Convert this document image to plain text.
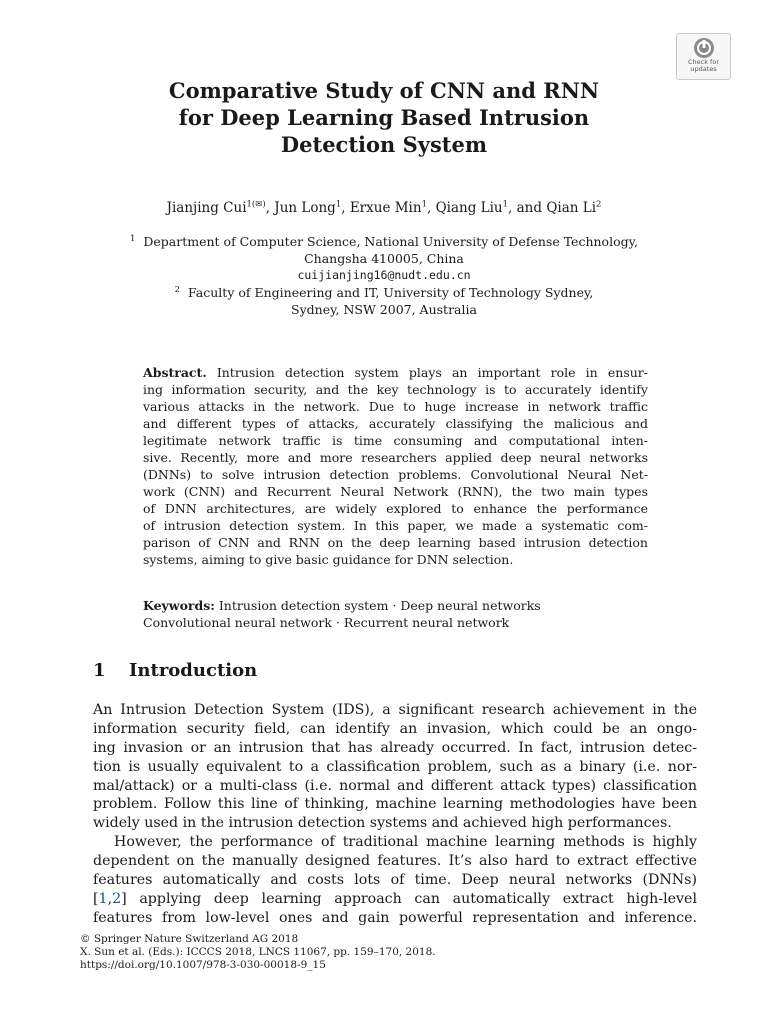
Check for
updates
Comparative Study of CNN and RNN
for Deep Learning Based Intrusion
Detection System
Jianjing Cui$^{1(✉)}$, Jun Long$^1$, Erxue Min$^1$, Qiang Liu$^1$, and Qian Li$^2$
$^1$ Department of Computer Science, National University of Defense Technology,
Changsha 410005, China
cuijianjing16@nudt.edu.cn
$^2$ Faculty of Engineering and IT, University of Technology Sydney,
Sydney, NSW 2007, Australia
Abstract. Intrusion detection system plays an important role in ensur-
ing information security, and the key technology is to accurately identify
various attacks in the network. Due to huge increase in network traffic
and different types of attacks, accurately classifying the malicious and
legitimate network traffic is time consuming and computational inten-
sive. Recently, more and more researchers applied deep neural networks
(DNNs) to solve intrusion detection problems. Convolutional Neural Net-
work (CNN) and Recurrent Neural Network (RNN), the two main types
of DNN architectures, are widely explored to enhance the performance
of intrusion detection system. In this paper, we made a systematic com-
parison of CNN and RNN on the deep learning based intrusion detection
systems, aiming to give basic guidance for DNN selection.
Keywords: Intrusion detection system · Deep neural networks
Convolutional neural network · Recurrent neural network
1 Introduction
An Intrusion Detection System (IDS), a significant research achievement in the
information security field, can identify an invasion, which could be an ongo-
ing invasion or an intrusion that has already occurred. In fact, intrusion detec-
tion is usually equivalent to a classification problem, such as a binary (i.e. nor-
mal/attack) or a multi-class (i.e. normal and different attack types) classification
problem. Follow this line of thinking, machine learning methodologies have been
widely used in the intrusion detection systems and achieved high performances.
However, the performance of traditional machine learning methods is highly
dependent on the manually designed features. It’s also hard to extract effective
features automatically and costs lots of time. Deep neural networks (DNNs)
[1,2] applying deep learning approach can automatically extract high-level
features from low-level ones and gain powerful representation and inference.
© Springer Nature Switzerland AG 2018
X. Sun et al. (Eds.): ICCCS 2018, LNCS 11067, pp. 159–170, 2018.
https://doi.org/10.1007/978-3-030-00018-9_15
